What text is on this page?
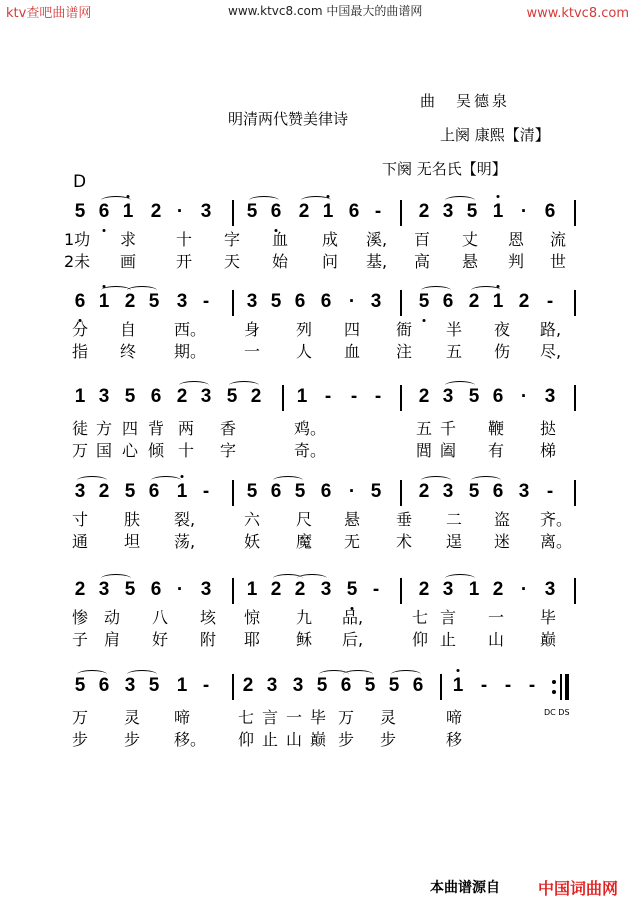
ktv查吧曲谱网	www.ktvc8.com 中国最大的曲谱网	www.ktvc8.com
明清两代赞美律诗
曲　吴德泉
上阕 康熙【清】
下阕 无名氏【明】
D
5 6 1 2 · 3 5 6 2 1 6 -	2 3 5 1 · 6
1功 求 十 字 血 成 溪, 百 丈 恩 流
2未 画 开 天 始 问 基, 高 悬 判 世
6 1 2 5 3 -	3 5 6 6 · 3 5 6 2 1 2 -
分 自 西。 身 列 四 衙 半 夜 路,
指 终 期。 一 人 血 注 五 伤 尽,
1 3 5 6 2 3 5 2 1 -	- -	2 3 5 6 · 3
徒 方 四 背 两 香	鸡。	五 千 鞭 挞
万 国 心 倾 十 字	奇。	閭 阖 有 梯
3 2 5 6 1 -	5 6 5 6 · 5 2 3 5 6 3 -
寸 肤 裂,	六 尺 悬 垂 二 盗 齐。
通 坦 荡,	妖 魔 无 术 逞 迷 离。
2 3 5 6 · 3 1 2 2 3 5 -	2 3 1 2 · 3
惨 动 八 垓 惊 九 品,	七 言 一 毕
子 肩 好 附 耶 稣 后,	仰 止 山 巅
5 6 3 5 1 -	2 3 3 5 6 5 5 6 1 - - -
万 灵 啼	七 言 一 毕 万 灵	啼	DC DS
步 步 移。 仰 止 山 巅 步 步	移
本曲谱源自 中国词曲网
